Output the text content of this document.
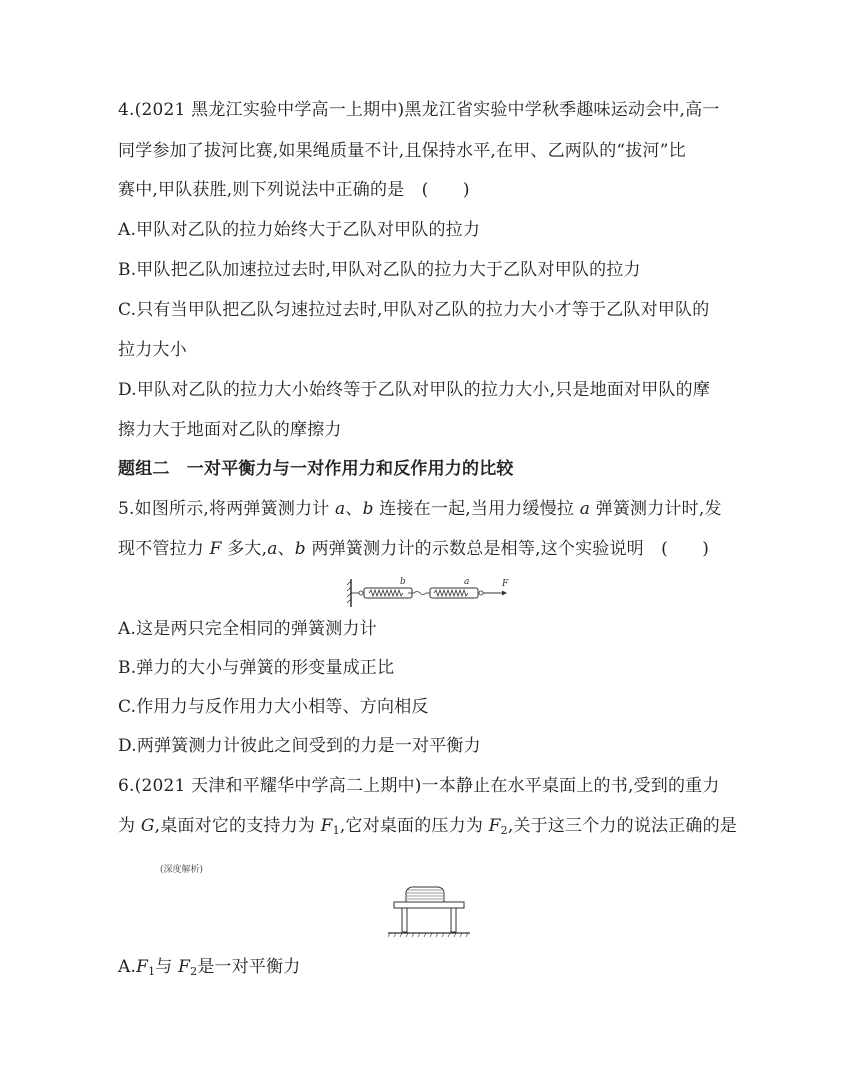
4.(2021 黑龙江实验中学高一上期中)黑龙江省实验中学秋季趣味运动会中,高一
同学参加了拔河比赛,如果绳质量不计,且保持水平,在甲、乙两队的“拔河”比
赛中,甲队获胜,则下列说法中正确的是　(　　)
A.甲队对乙队的拉力始终大于乙队对甲队的拉力
B.甲队把乙队加速拉过去时,甲队对乙队的拉力大于乙队对甲队的拉力
C.只有当甲队把乙队匀速拉过去时,甲队对乙队的拉力大小才等于乙队对甲队的
拉力大小
D.甲队对乙队的拉力大小始终等于乙队对甲队的拉力大小,只是地面对甲队的摩
擦力大于地面对乙队的摩擦力
题组二　一对平衡力与一对作用力和反作用力的比较
5.如图所示,将两弹簧测力计 a、b 连接在一起,当用力缓慢拉 a 弹簧测力计时,发
现不管拉力 F 多大,a、b 两弹簧测力计的示数总是相等,这个实验说明　(　　)
b	a	F
A.这是两只完全相同的弹簧测力计
B.弹力的大小与弹簧的形变量成正比
C.作用力与反作用力大小相等、方向相反
D.两弹簧测力计彼此之间受到的力是一对平衡力
6.(2021 天津和平耀华中学高二上期中)一本静止在水平桌面上的书,受到的重力
为 G,桌面对它的支持力为 $F_1$,它对桌面的压力为 $F_2$,关于这三个力的说法正确的是
(深度解析)
$A.F_1$与 $F_2$是一对平衡力
